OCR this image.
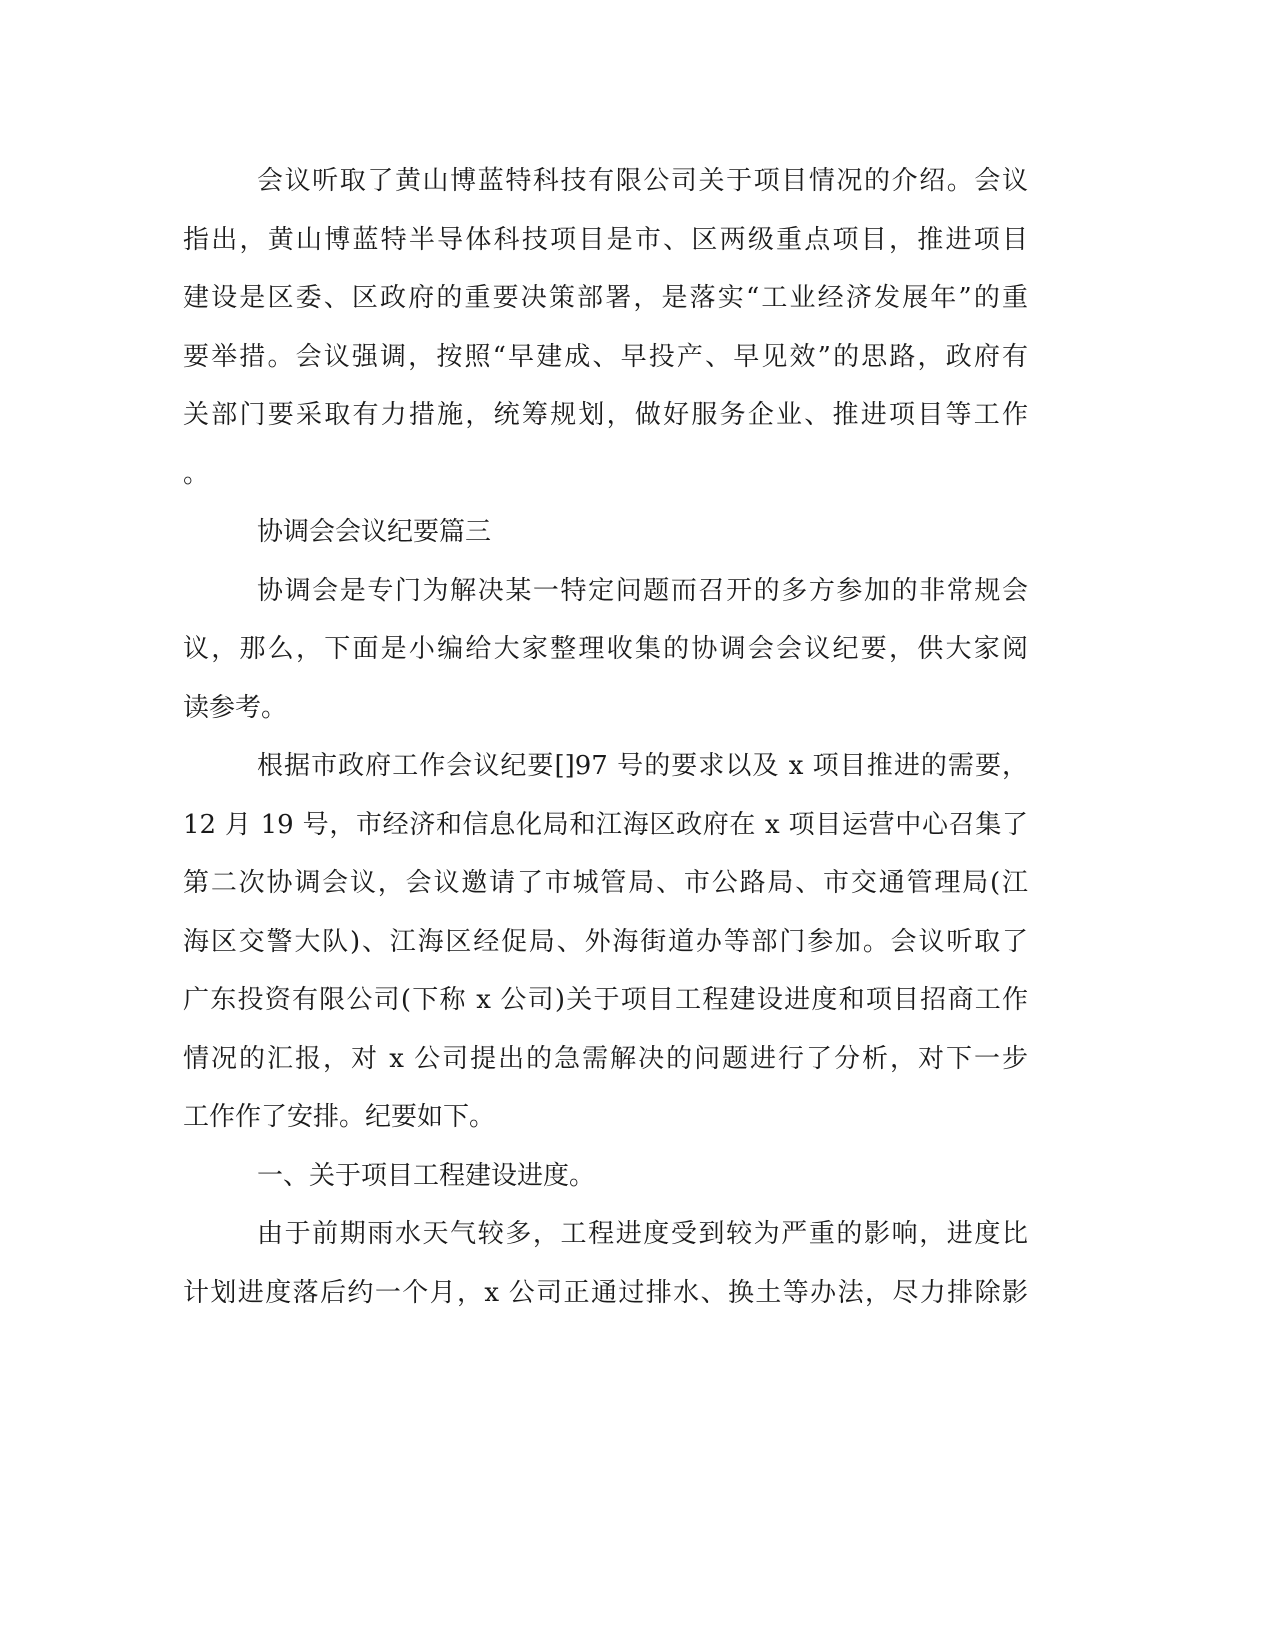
会议听取了黄山博蓝特科技有限公司关于项目情况的介绍。会议

指出，黄山博蓝特半导体科技项目是市、区两级重点项目，推进项目

建设是区委、区政府的重要决策部署，是落实“工业经济发展年”的重

要举措。会议强调，按照“早建成、早投产、早见效”的思路，政府有

关部门要采取有力措施，统筹规划，做好服务企业、推进项目等工作

。

协调会会议纪要篇三

协调会是专门为解决某一特定问题而召开的多方参加的非常规会

议，那么，下面是小编给大家整理收集的协调会会议纪要，供大家阅

读参考。

根据市政府工作会议纪要[]97 号的要求以及 x 项目推进的需要，

12 月 19 号，市经济和信息化局和江海区政府在 x 项目运营中心召集了

第二次协调会议，会议邀请了市城管局、市公路局、市交通管理局(江

海区交警大队)、江海区经促局、外海街道办等部门参加。会议听取了

广东投资有限公司(下称 x 公司)关于项目工程建设进度和项目招商工作

情况的汇报，对 x 公司提出的急需解决的问题进行了分析，对下一步

工作作了安排。纪要如下。

一、关于项目工程建设进度。

由于前期雨水天气较多，工程进度受到较为严重的影响，进度比

计划进度落后约一个月，x 公司正通过排水、换土等办法，尽力排除影
